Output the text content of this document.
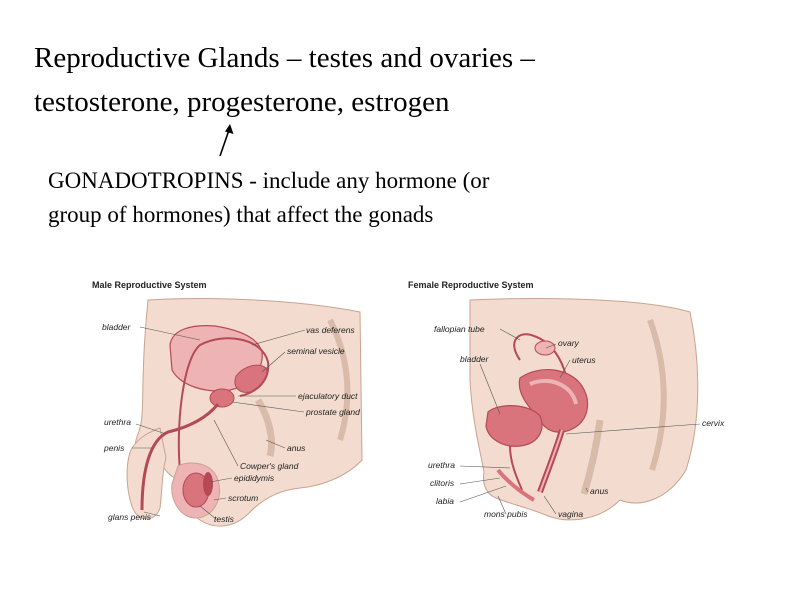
Reproductive Glands – testes and ovaries –
testosterone, progesterone, estrogen
GONADOTROPINS - include any hormone (or
group of hormones) that affect the gonads
Male Reproductive System
bladder	vas deferens
seminal vesicle
ejaculatory duct
prostate gland
urethra
penis	anus
Cowper's gland
epididymis
scrotum
glans penis	testis
Female Reproductive System
fallopian tube
ovary
uterus
bladder
cervix
urethra
clitoris
labia
anus
mons pubis	vagina
